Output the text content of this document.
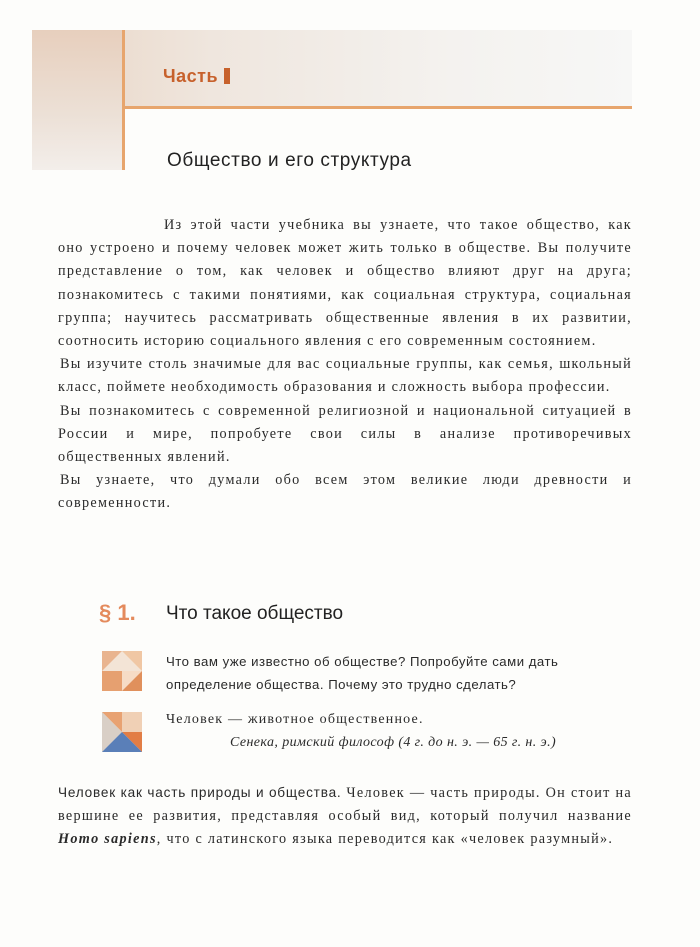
Часть
Общество и его структура

Из этой части учебника вы узнаете, что такое общество, как оно устроено и почему человек может жить только в обществе. Вы получите представление о том, как человек и общество влияют друг на друга; познакомитесь с такими понятиями, как социальная структура, социальная группа; научитесь рассматривать общественные явления в их развитии, соотносить историю социального явления с его современным состоянием.

Вы изучите столь значимые для вас социальные группы, как семья, школьный класс, поймете необходимость образования и сложность выбора профессии.

Вы познакомитесь с современной религиозной и национальной ситуацией в России и мире, попробуете свои силы в анализе противоречивых общественных явлений.

Вы узнаете, что думали обо всем этом великие люди древности и современности.

§ 1. Что такое общество
Что вам уже известно об обществе? Попробуйте сами дать определение общества. Почему это трудно сделать?
Человек — животное общественное.
Сенека, римский философ (4 г. до н. э. — 65 г. н. э.)
Человек как часть природы и общества. Человек — часть природы. Он стоит на вершине ее развития, представляя особый вид, который получил название Homo sapiens, что с латинского языка переводится как «человек разумный».
